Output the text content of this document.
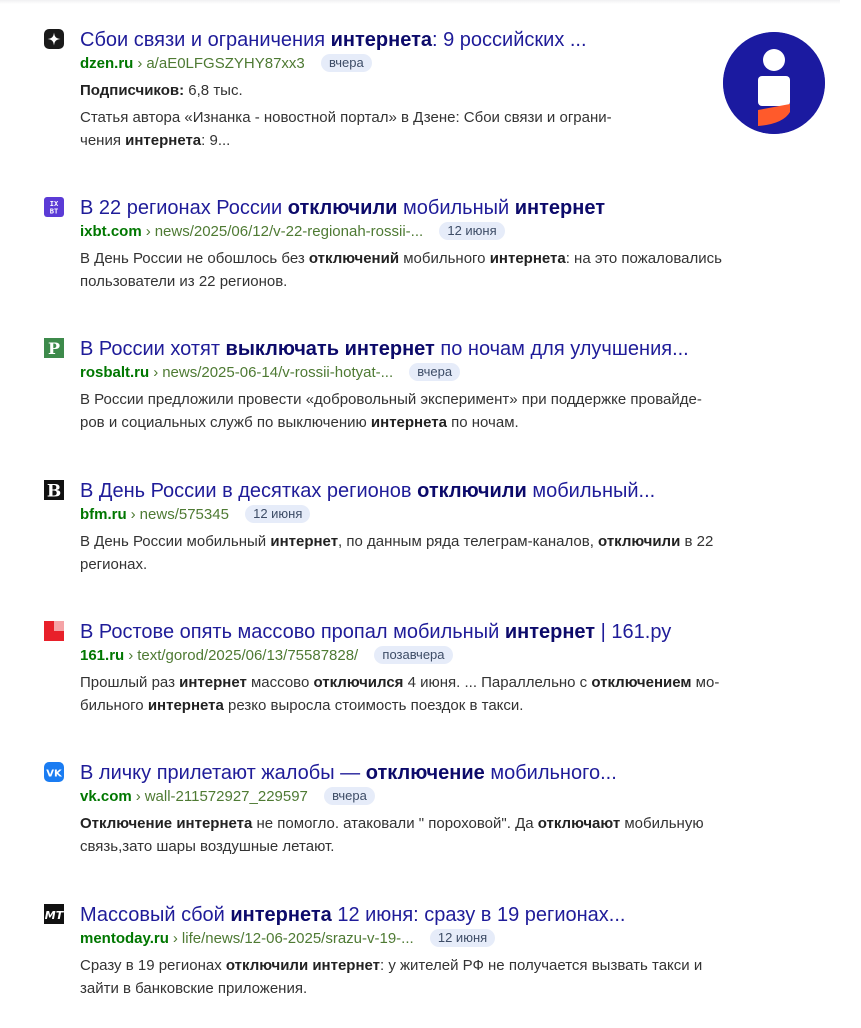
Сбои связи и ограничения интернета: 9 российских ...
dzen.ru › a/aE0LFGSZYHY87xx3 вчера
Подписчиков: 6,8 тыс.
Статья автора «Изнанка - новостной портал» в Дзене: Сбои связи и ограни-
чения интернета: 9...
IX
BT В 22 регионах России отключили мобильный интернет
ixbt.com › news/2025/06/12/v-22-regionah-rossii-... 12 июня
В День России не обошлось без отключений мобильного интернета: на это пожаловались
пользователи из 22 регионов.
P В России хотят выключать интернет по ночам для улучшения...
rosbalt.ru › news/2025-06-14/v-rossii-hotyat-... вчера
В России предложили провести «добровольный эксперимент» при поддержке провайде-
ров и социальных служб по выключению интернета по ночам.
B В День России в десятках регионов отключили мобильный...
bfm.ru › news/575345 12 июня
В День России мобильный интернет, по данным ряда телеграм-каналов, отключили в 22
регионах.
В Ростове опять массово пропал мобильный интернет | 161.ру
161.ru › text/gorod/2025/06/13/75587828/ позавчера
Прошлый раз интернет массово отключился 4 июня. ... Параллельно с отключением мо-
бильного интернета резко выросла стоимость поездок в такси.
VK В личку прилетают жалобы — отключение мобильного...
vk.com › wall-211572927_229597 вчера
Отключение интернета не помогло. атаковали " пороховой". Да отключают мобильную
связь,зато шары воздушные летают.
MT Массовый сбой интернета 12 июня: сразу в 19 регионах...
mentoday.ru › life/news/12-06-2025/srazu-v-19-... 12 июня
Сразу в 19 регионах отключили интернет: у жителей РФ не получается вызвать такси и
зайти в банковские приложения.
